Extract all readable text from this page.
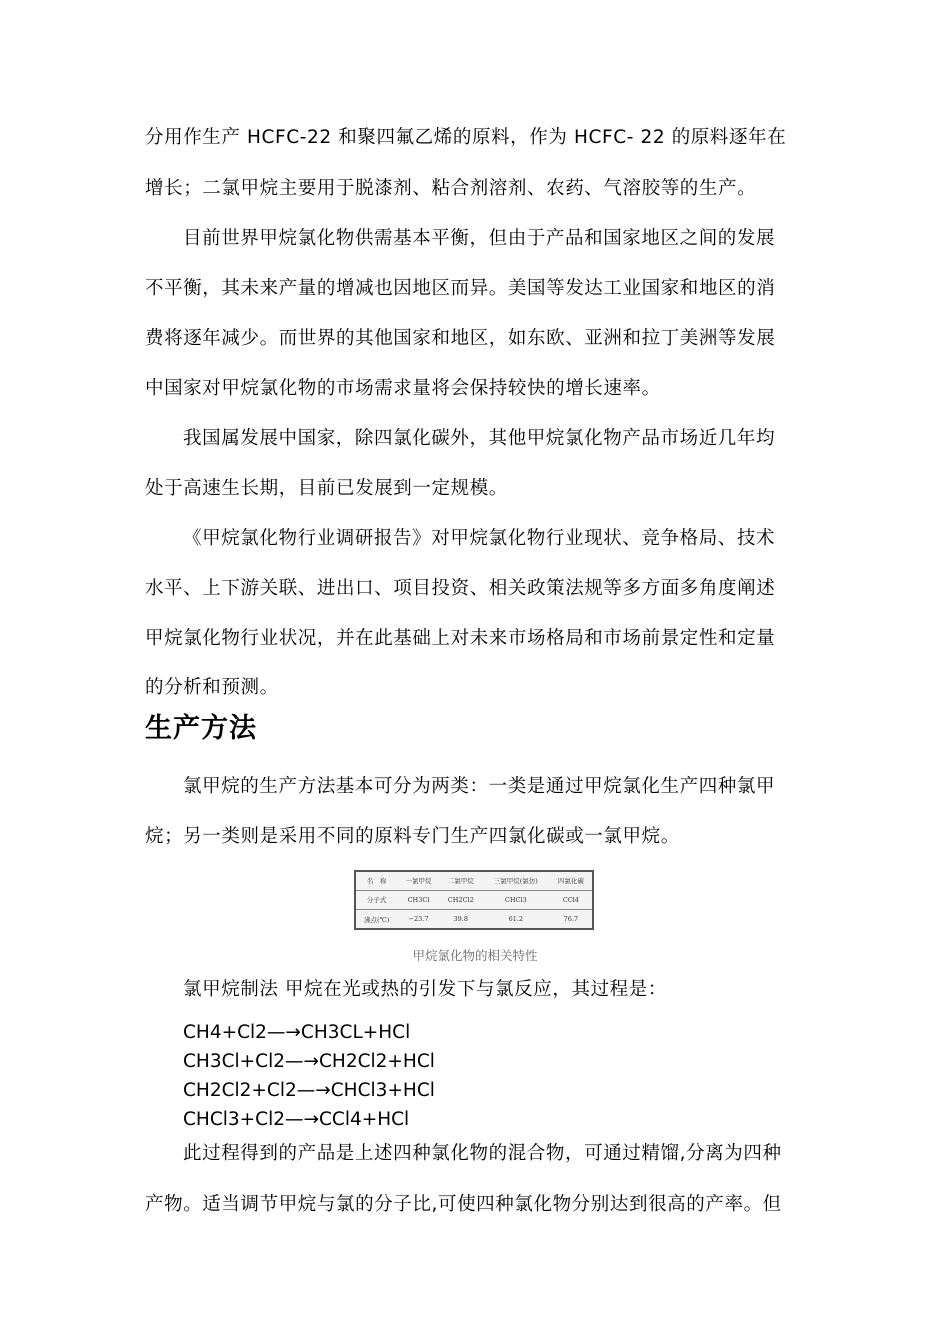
分用作生产 HCFC-22 和聚四氟乙烯的原料，作为 HCFC- 22 的原料逐年在
增长；二氯甲烷主要用于脱漆剂、粘合剂溶剂、农药、气溶胶等的生产。
目前世界甲烷氯化物供需基本平衡，但由于产品和国家地区之间的发展
不平衡，其未来产量的增减也因地区而异。美国等发达工业国家和地区的消
费将逐年减少。而世界的其他国家和地区，如东欧、亚洲和拉丁美洲等发展
中国家对甲烷氯化物的市场需求量将会保持较快的增长速率。
我国属发展中国家，除四氯化碳外，其他甲烷氯化物产品市场近几年均
处于高速生长期，目前已发展到一定规模。
《甲烷氯化物行业调研报告》对甲烷氯化物行业现状、竞争格局、技术
水平、上下游关联、进出口、项目投资、相关政策法规等多方面多角度阐述
甲烷氯化物行业状况，并在此基础上对未来市场格局和市场前景定性和定量
的分析和预测。
生产方法
氯甲烷的生产方法基本可分为两类：一类是通过甲烷氯化生产四种氯甲
烷；另一类则是采用不同的原料专门生产四氯化碳或一氯甲烷。
名　称	一氯甲烷	二氯甲烷	三氯甲烷(氯仿)	四氯化碳
分子式	CH3Cl	CH2Cl2	CHCl3	CCl4
沸点(℃)	−23.7	39.8	61.2	76.7
甲烷氯化物的相关特性
氯甲烷制法 甲烷在光或热的引发下与氯反应，其过程是：
CH4+Cl2—→CH3CL+HCl
CH3Cl+Cl2—→CH2Cl2+HCl
CH2Cl2+Cl2—→CHCl3+HCl
CHCl3+Cl2—→CCl4+HCl
此过程得到的产品是上述四种氯化物的混合物，可通过精馏,分离为四种
产物。适当调节甲烷与氯的分子比,可使四种氯化物分别达到很高的产率。但
